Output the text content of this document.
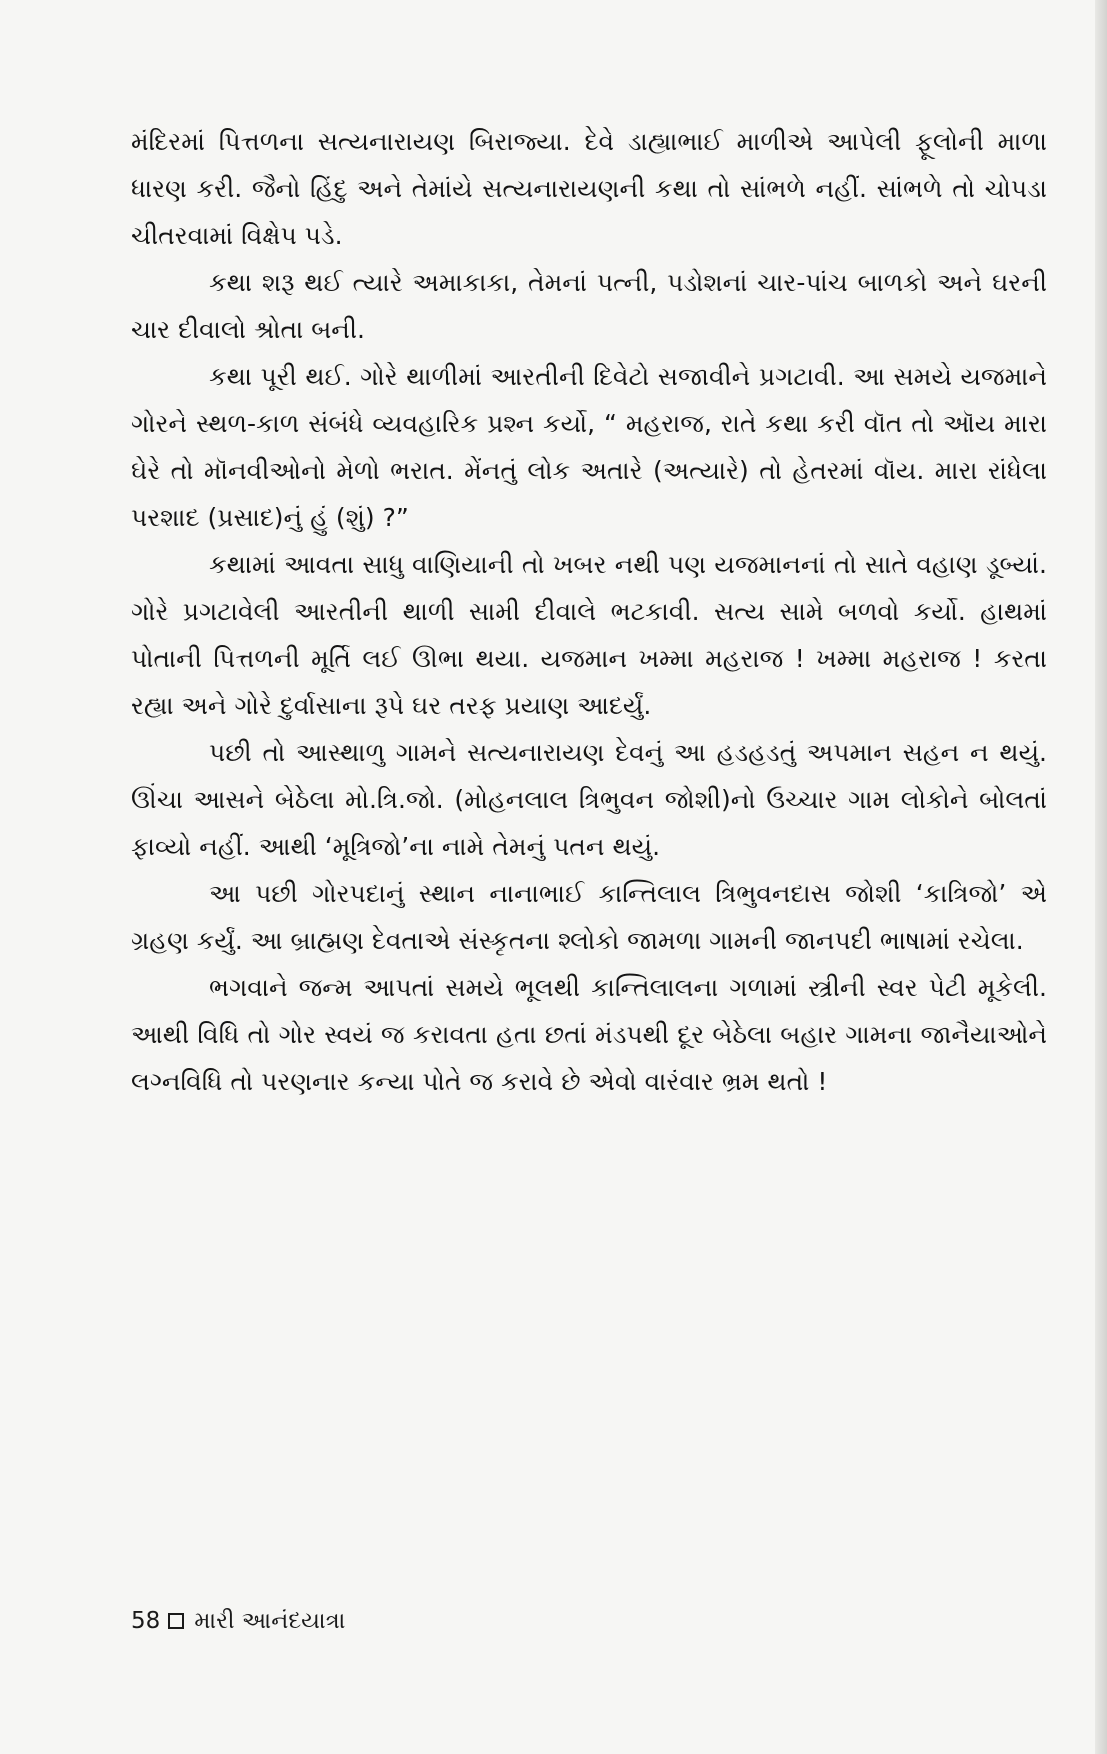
મંદિરમાં પિત્તળના સત્યનારાયણ બિરાજ્યા. દેવે ડાહ્યાભાઈ માળીએ આપેલી ફૂલોની માળા ધારણ કરી. જૈનો હિંદુ અને તેમાંયે સત્યનારાયણની કથા તો સાંભળે નહીં. સાંભળે તો ચોપડા ચીતરવામાં વિક્ષેપ પડે.

કથા શરૂ થઈ ત્યારે અમાકાકા, તેમનાં પત્ની, પડોશનાં ચાર-પાંચ બાળકો અને ઘરની ચાર દીવાલો શ્રોતા બની.

કથા પૂરી થઈ. ગોરે થાળીમાં આરતીની દિવેટો સજાવીને પ્રગટાવી. આ સમયે યજમાને ગોરને સ્થળ-કાળ સંબંધે વ્યવહારિક પ્રશ્ન કર્યો, “ મહરાજ, રાતે કથા કરી વૉત તો ઑય મારા ઘેરે તો મૉનવીઓનો મેળો ભરાત. મેંનતું લોક અતારે (અત્યારે) તો હેતરમાં વૉય. મારા રાંધેલા પરશાદ (પ્રસાદ)નું હું (શું) ?”

કથામાં આવતા સાધુ વાણિયાની તો ખબર નથી પણ યજમાનનાં તો સાતે વહાણ ડૂબ્યાં. ગોરે પ્રગટાવેલી આરતીની થાળી સામી દીવાલે ભટકાવી. સત્ય સામે બળવો કર્યો. હાથમાં પોતાની પિત્તળની મૂર્તિ લઈ ઊભા થયા. યજમાન ખમ્મા મહરાજ ! ખમ્મા મહરાજ ! કરતા રહ્યા અને ગોરે દુર્વાસાના રૂપે ઘર તરફ પ્રયાણ આદર્યું.

પછી તો આસ્થાળુ ગામને સત્યનારાયણ દેવનું આ હડહડતું અપમાન સહન ન થયું. ઊંચા આસને બેઠેલા મો.ત્રિ.જો. (મોહનલાલ ત્રિભુવન જોશી)નો ઉચ્ચાર ગામ લોકોને બોલતાં ફાવ્યો નહીં. આથી ‘મૂત્રિજો’ના નામે તેમનું પતન થયું.

આ પછી ગોરપદાનું સ્થાન નાનાભાઈ કાન્તિલાલ ત્રિભુવનદાસ જોશી ‘કાત્રિજો’ એ ગ્રહણ કર્યું. આ બ્રાહ્મણ દેવતાએ સંસ્કૃતના શ્લોકો જામળા ગામની જાનપદી ભાષામાં રચેલા.

ભગવાને જન્મ આપતાં સમયે ભૂલથી કાન્તિલાલના ગળામાં સ્ત્રીની સ્વર પેટી મૂકેલી. આથી વિધિ તો ગોર સ્વયં જ કરાવતા હતા છતાં મંડપથી દૂર બેઠેલા બહાર ગામના જાનૈયાઓને લગ્નવિધિ તો પરણનાર કન્યા પોતે જ કરાવે છે એવો વારંવાર ભ્રમ થતો !

58 મારી આનંદયાત્રા
